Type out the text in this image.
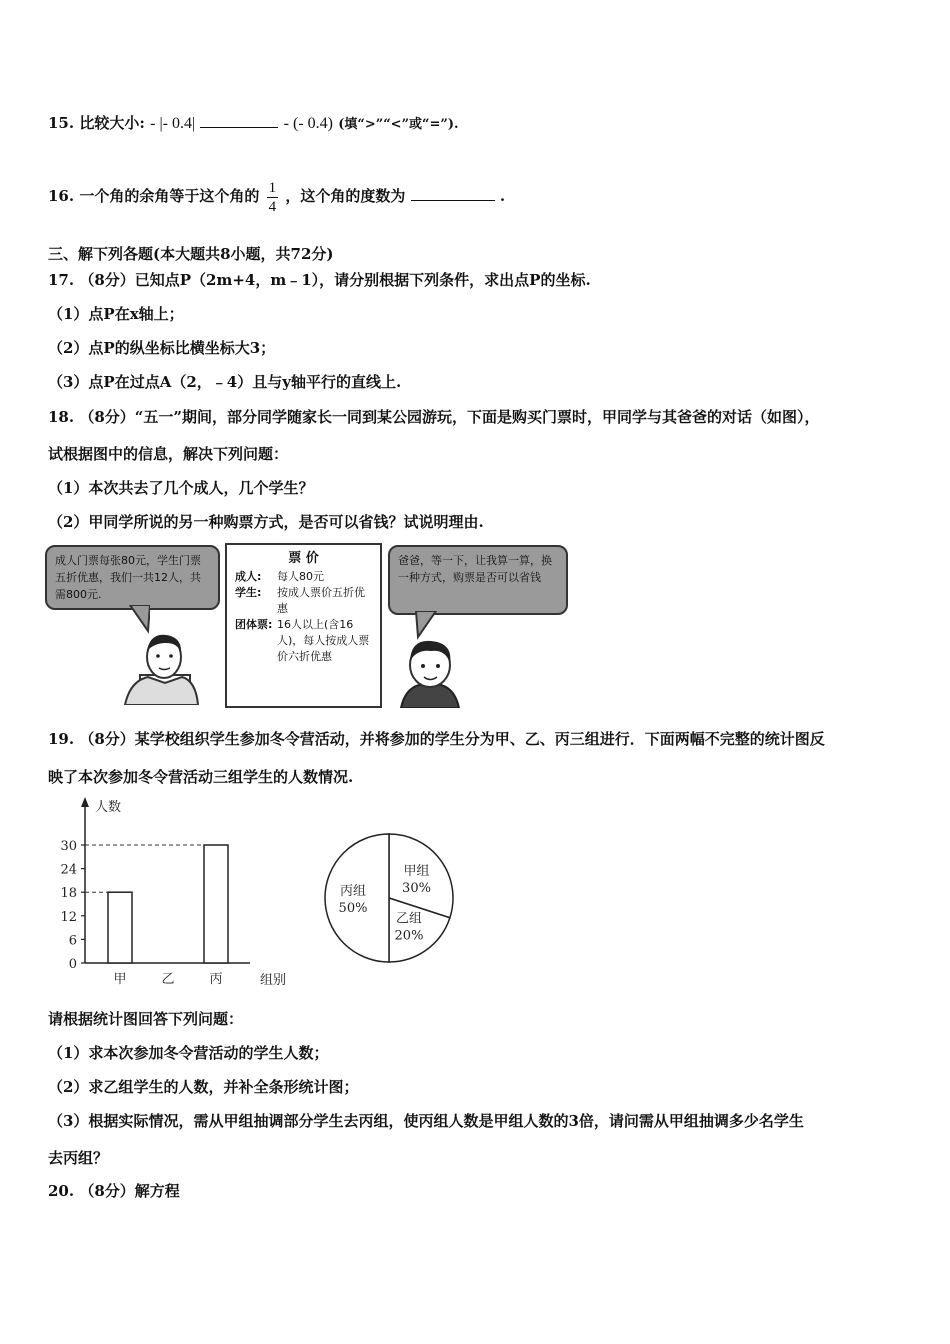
15. 比较大小: - |- 0.4|	- (- 0.4) (填“>”“<”或“=”).
16. 一个角的余角等于这个角的 $\frac{1}{4}$ ，这个角的度数为	.
三、解下列各题(本大题共8小题，共72分)
17. （8分）已知点P（2m+4，m﹣1），请分别根据下列条件，求出点P的坐标.
（1）点P在x轴上；
（2）点P的纵坐标比横坐标大3；
（3）点P在过点A（2，﹣4）且与y轴平行的直线上.
18. （8分）“五一”期间，部分同学随家长一同到某公园游玩，下面是购买门票时，甲同学与其爸爸的对话（如图），
试根据图中的信息，解决下列问题：
（1）本次共去了几个成人，几个学生？
（2）甲同学所说的另一种购票方式，是否可以省钱？试说明理由.
成人门票每张80元，学生门票五折优惠，我们一共12人，共需800元.
票 价
成人:	每人80元
学生:	按成人票价五折优惠
团体票: 16人以上(含16人)，每人按成人票价六折优惠
爸爸，等一下，让我算一算，换一种方式，购票是否可以省钱
19. （8分）某学校组织学生参加冬令营活动，并将参加的学生分为甲、乙、丙三组进行．下面两幅不完整的统计图反
映了本次参加冬令营活动三组学生的人数情况.
人数
组别
0
6
12
18
24
30
甲	乙	丙
甲组
30%
乙组
20%
丙组
50%
请根据统计图回答下列问题：
（1）求本次参加冬令营活动的学生人数；
（2）求乙组学生的人数，并补全条形统计图；
（3）根据实际情况，需从甲组抽调部分学生去丙组，使丙组人数是甲组人数的3倍，请问需从甲组抽调多少名学生
去丙组？
20. （8分）解方程
